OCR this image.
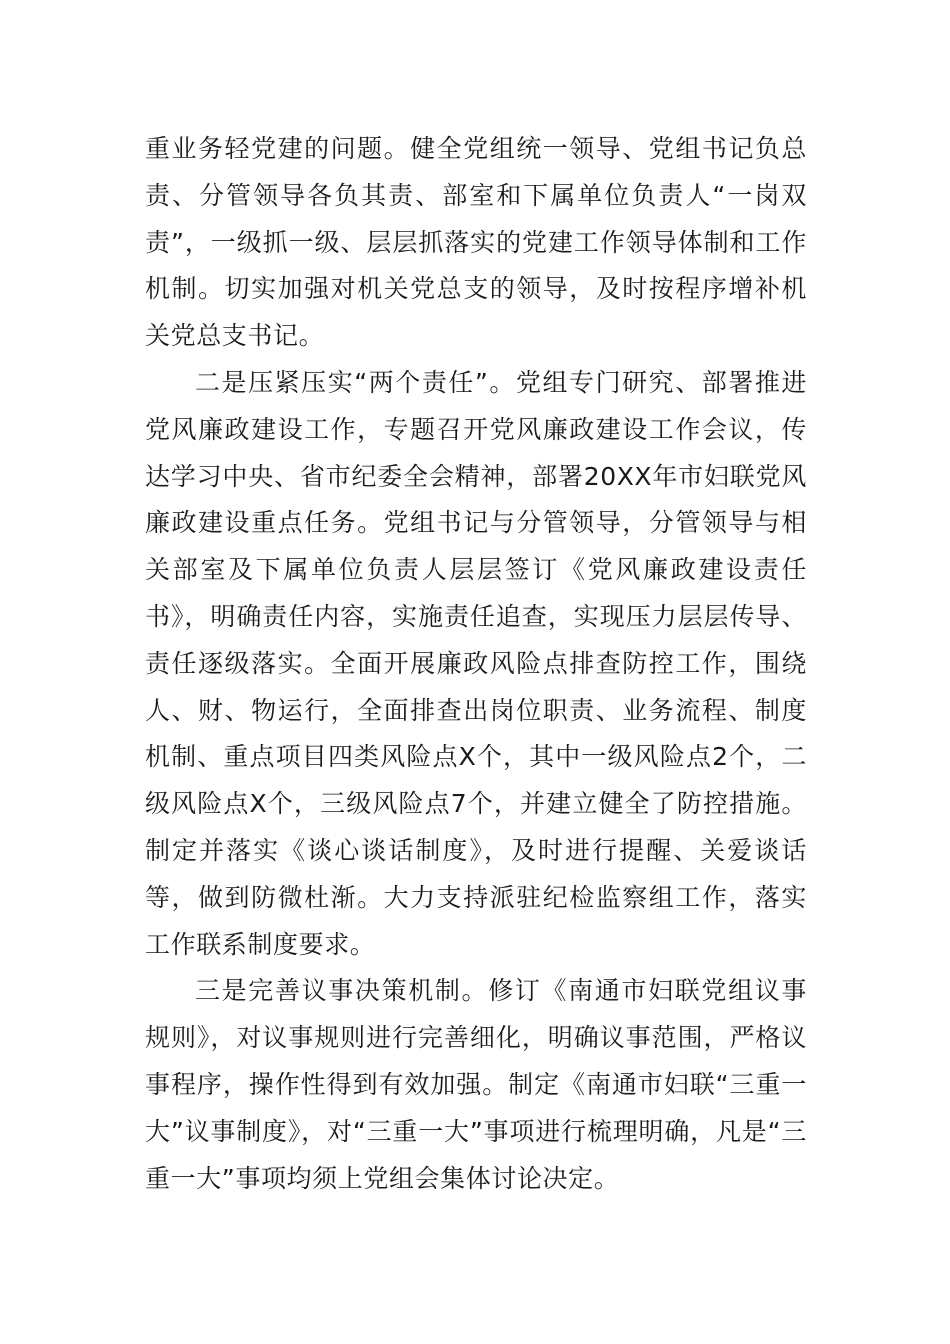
重业务轻党建的问题。健全党组统一领导、党组书记负总责、分管领导各负其责、部室和下属单位负责人“一岗双责”，一级抓一级、层层抓落实的党建工作领导体制和工作机制。切实加强对机关党总支的领导，及时按程序增补机关党总支书记。

二是压紧压实“两个责任”。党组专门研究、部署推进党风廉政建设工作，专题召开党风廉政建设工作会议，传达学习中央、省市纪委全会精神，部署20XX年市妇联党风廉政建设重点任务。党组书记与分管领导，分管领导与相关部室及下属单位负责人层层签订《党风廉政建设责任书》，明确责任内容，实施责任追查，实现压力层层传导、责任逐级落实。全面开展廉政风险点排查防控工作，围绕人、财、物运行，全面排查出岗位职责、业务流程、制度机制、重点项目四类风险点X个，其中一级风险点2个，二级风险点X个，三级风险点7个，并建立健全了防控措施。制定并落实《谈心谈话制度》，及时进行提醒、关爱谈话等，做到防微杜渐。大力支持派驻纪检监察组工作，落实工作联系制度要求。

三是完善议事决策机制。修订《南通市妇联党组议事规则》，对议事规则进行完善细化，明确议事范围，严格议事程序，操作性得到有效加强。制定《南通市妇联“三重一大”议事制度》，对“三重一大”事项进行梳理明确，凡是“三重一大”事项均须上党组会集体讨论决定。
